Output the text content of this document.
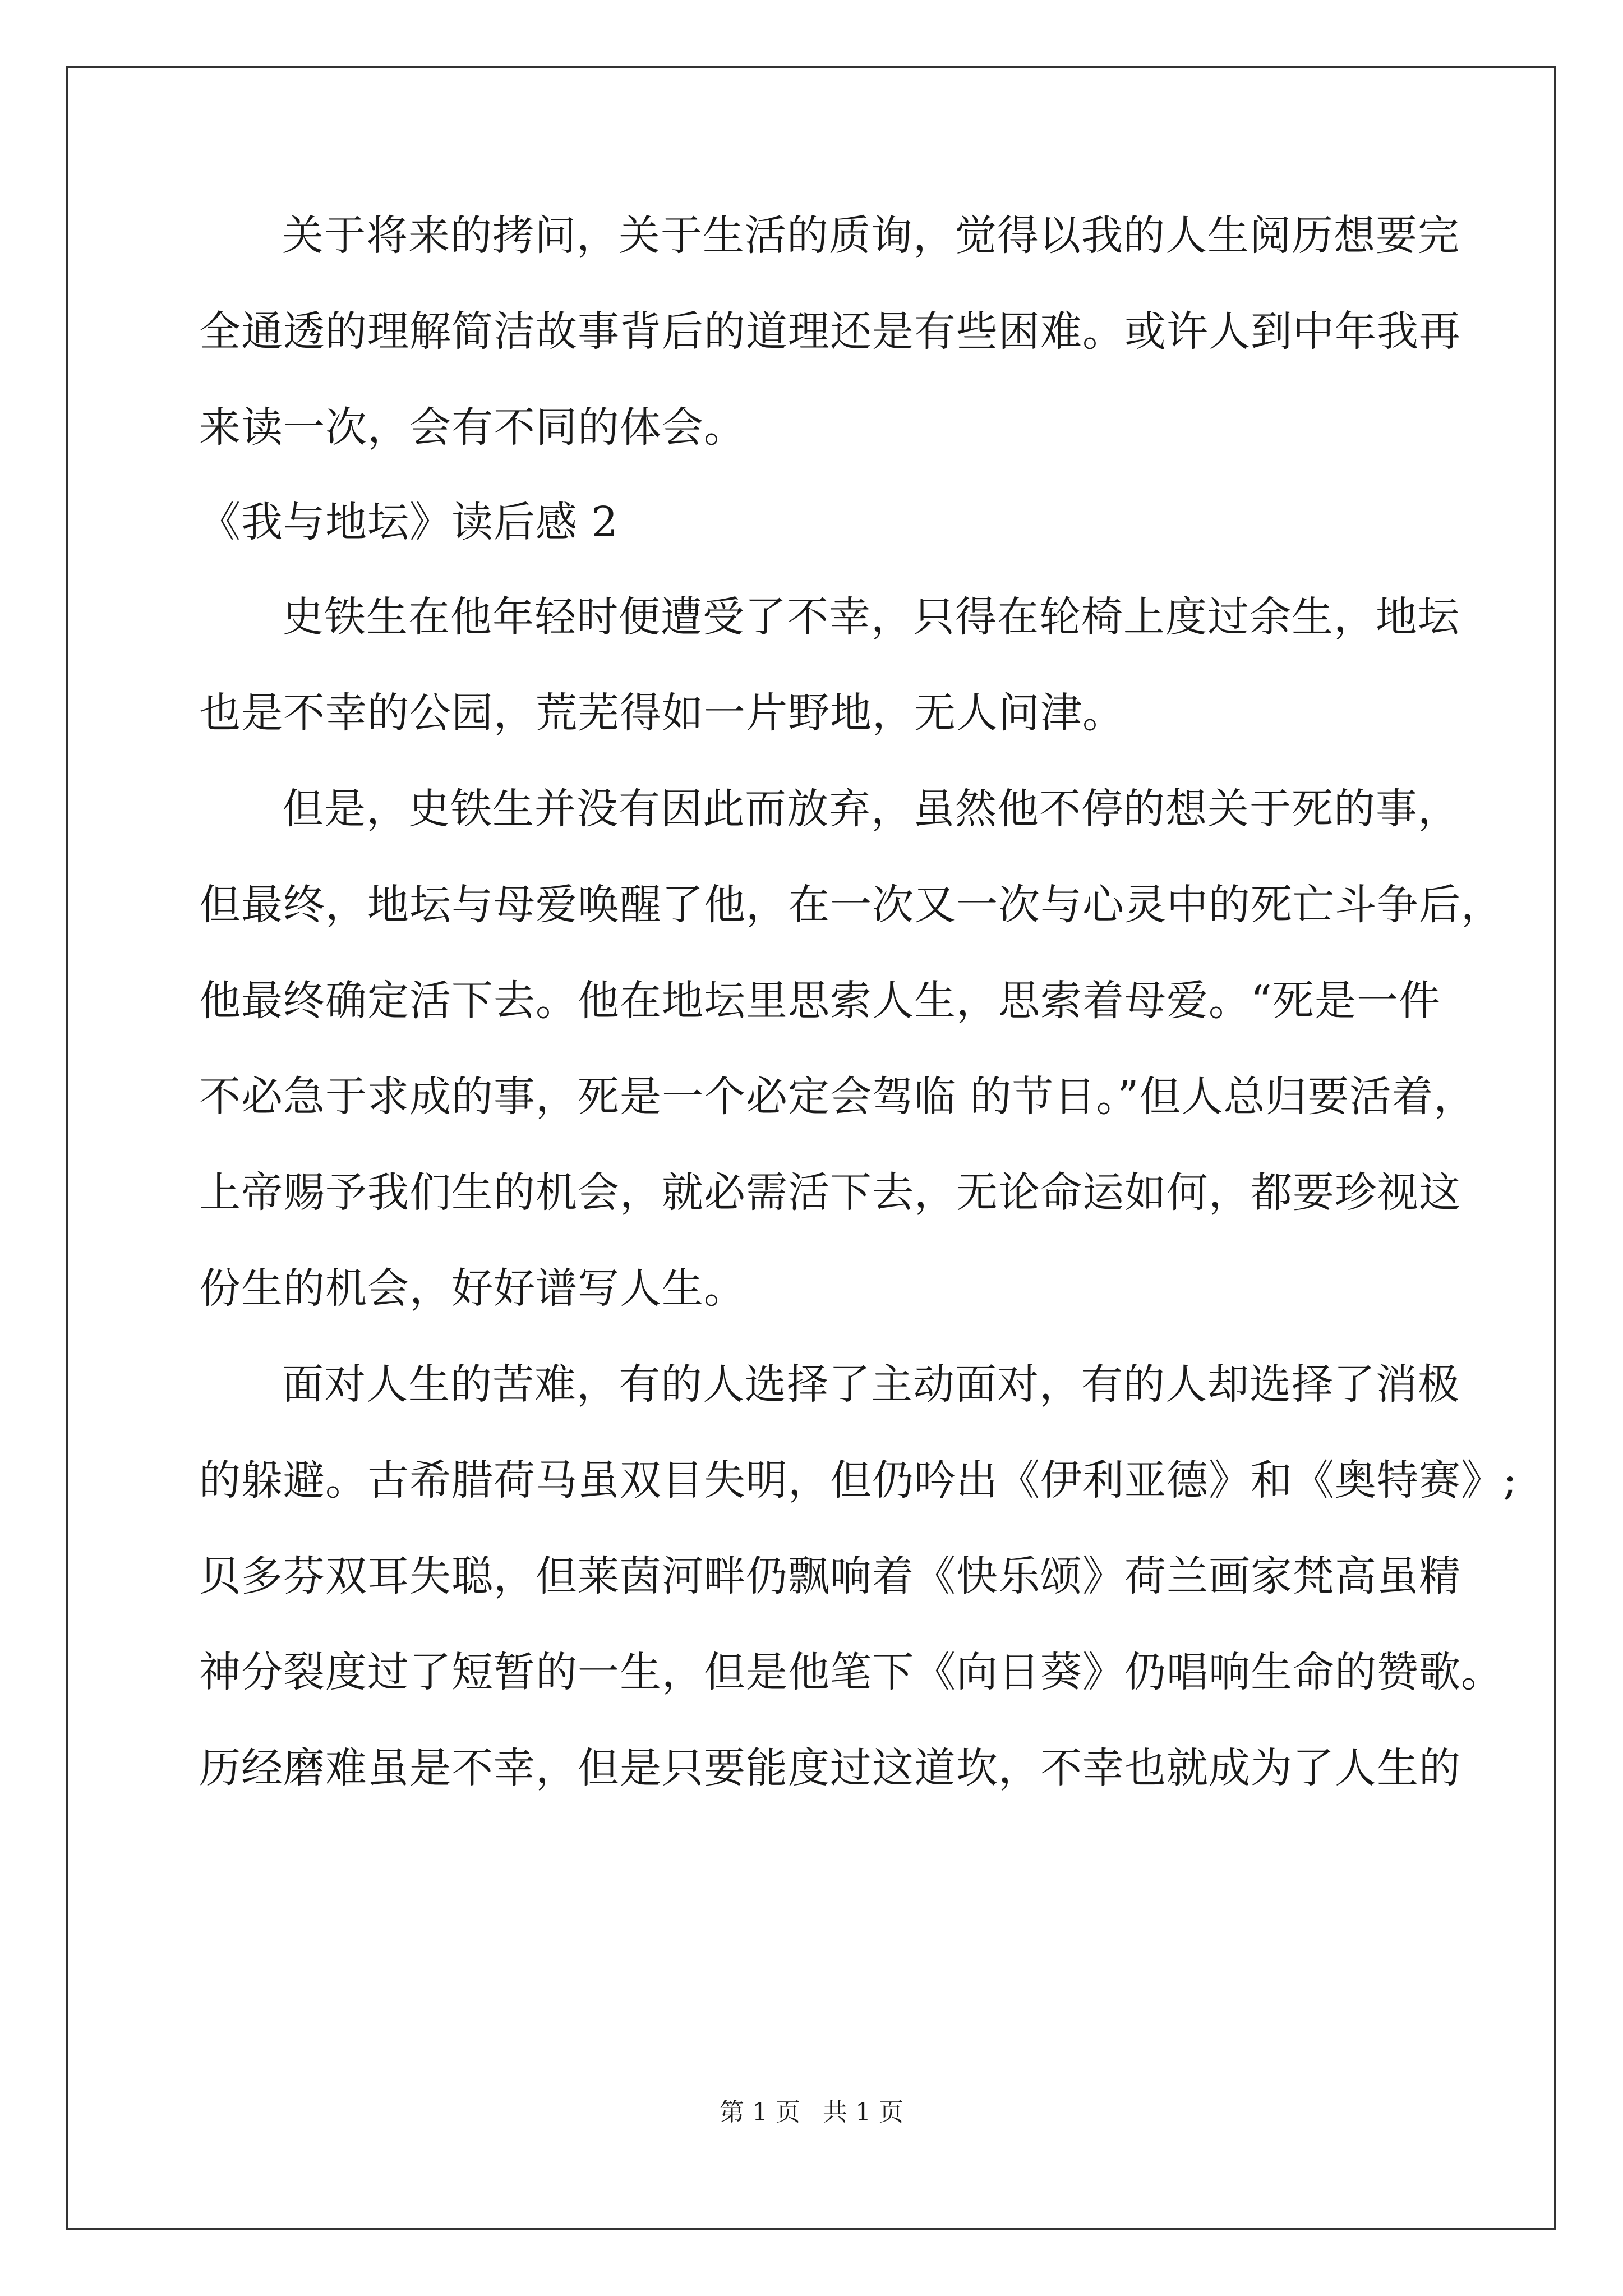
关于将来的拷问，关于生活的质询，觉得以我的人生阅历想要完
全通透的理解简洁故事背后的道理还是有些困难。或许人到中年我再
来读一次，会有不同的体会。
《我与地坛》读后感 2
史铁生在他年轻时便遭受了不幸，只得在轮椅上度过余生，地坛
也是不幸的公园，荒芜得如一片野地，无人问津。
但是，史铁生并没有因此而放弃，虽然他不停的想关于死的事，
但最终，地坛与母爱唤醒了他，在一次又一次与心灵中的死亡斗争后，
他最终确定活下去。他在地坛里思索人生，思索着母爱。“死是一件
不必急于求成的事，死是一个必定会驾临 的节日。”但人总归要活着，
上帝赐予我们生的机会，就必需活下去，无论命运如何，都要珍视这
份生的机会，好好谱写人生。
面对人生的苦难，有的人选择了主动面对，有的人却选择了消极
的躲避。古希腊荷马虽双目失明，但仍吟出《伊利亚德》和《奥特赛》;
贝多芬双耳失聪，但莱茵河畔仍飘响着《快乐颂》荷兰画家梵高虽精
神分裂度过了短暂的一生，但是他笔下《向日葵》仍唱响生命的赞歌。
历经磨难虽是不幸，但是只要能度过这道坎，不幸也就成为了人生的
第 1 页 共 1 页
